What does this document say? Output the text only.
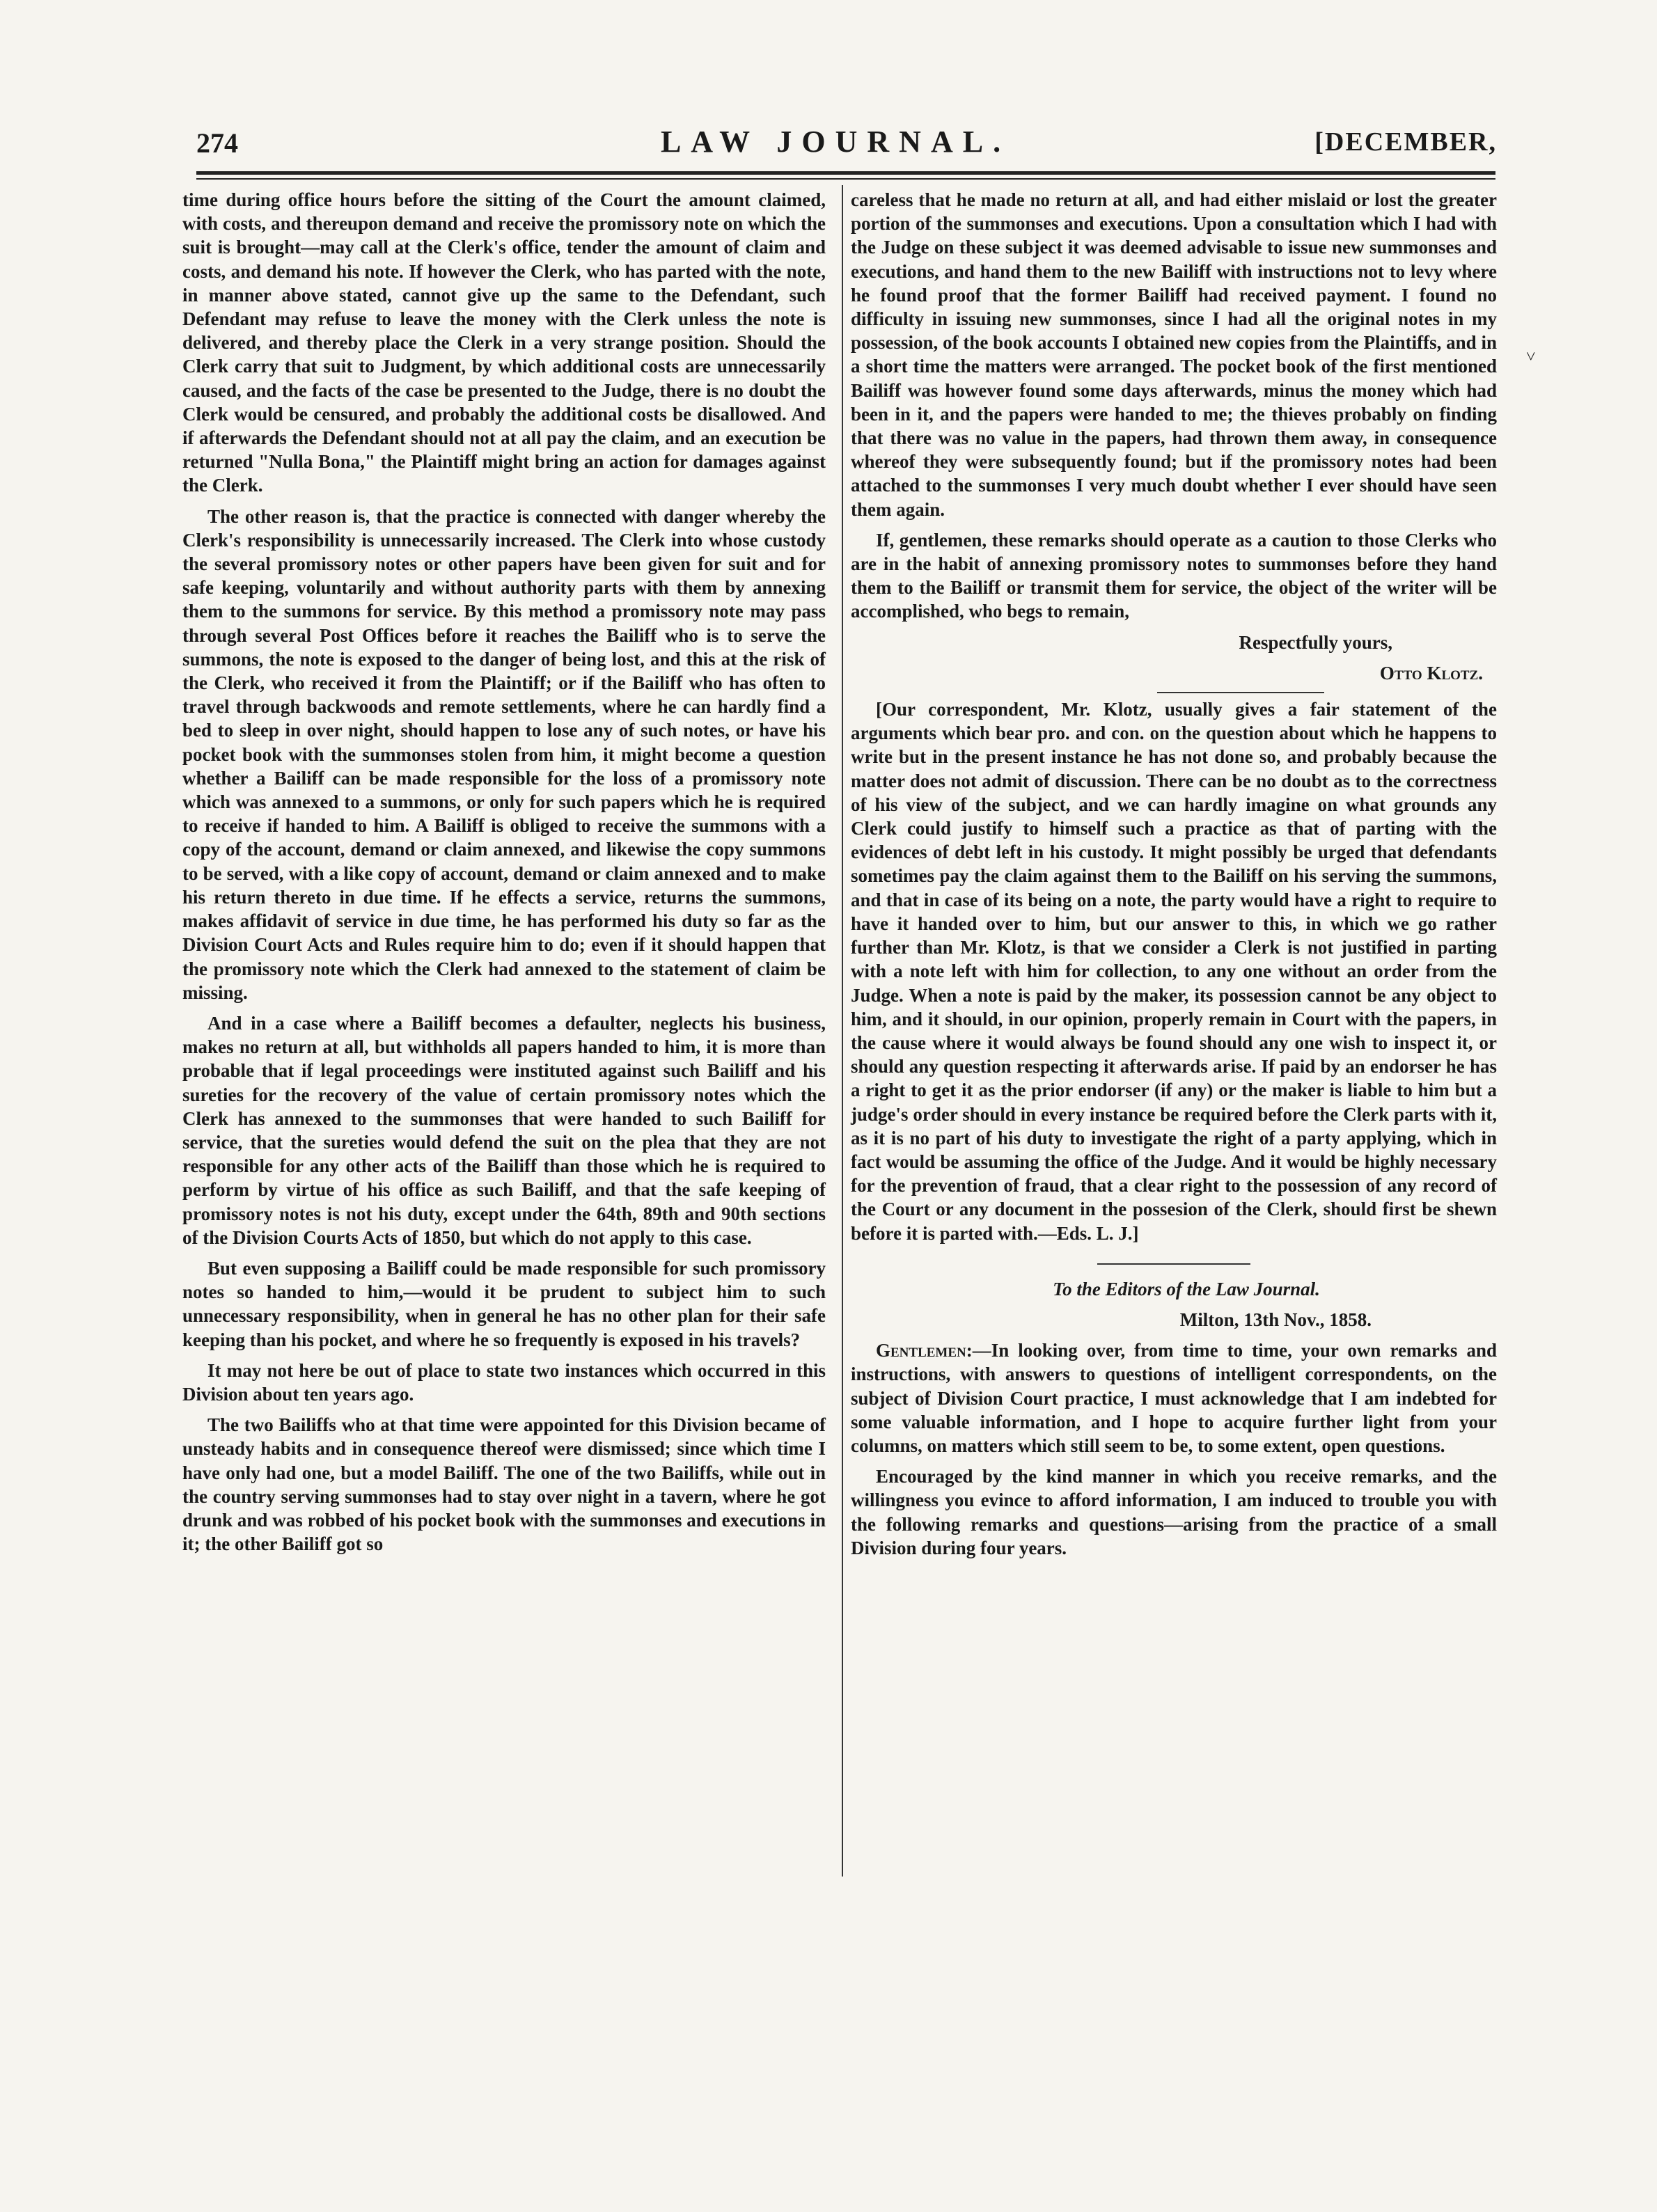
274	LAW JOURNAL.	[DECEMBER,
˅

time during office hours before the sitting of the Court the amount claimed, with costs, and thereupon demand and receive the promissory note on which the suit is brought—may call at the Clerk's office, tender the amount of claim and costs, and demand his note. If however the Clerk, who has parted with the note, in manner above stated, cannot give up the same to the Defendant, such Defendant may refuse to leave the money with the Clerk unless the note is delivered, and thereby place the Clerk in a very strange position. Should the Clerk carry that suit to Judgment, by which additional costs are unnecessarily caused, and the facts of the case be presented to the Judge, there is no doubt the Clerk would be censured, and probably the additional costs be disallowed. And if afterwards the Defendant should not at all pay the claim, and an execution be returned "Nulla Bona," the Plaintiff might bring an action for damages against the Clerk.

The other reason is, that the practice is connected with danger whereby the Clerk's responsibility is unnecessarily increased. The Clerk into whose custody the several promissory notes or other papers have been given for suit and for safe keeping, voluntarily and without authority parts with them by annexing them to the summons for service. By this method a promissory note may pass through several Post Offices before it reaches the Bailiff who is to serve the summons, the note is exposed to the danger of being lost, and this at the risk of the Clerk, who received it from the Plaintiff; or if the Bailiff who has often to travel through backwoods and remote settlements, where he can hardly find a bed to sleep in over night, should happen to lose any of such notes, or have his pocket book with the summonses stolen from him, it might become a question whether a Bailiff can be made responsible for the loss of a promissory note which was annexed to a summons, or only for such papers which he is required to receive if handed to him. A Bailiff is obliged to receive the summons with a copy of the account, demand or claim annexed, and likewise the copy summons to be served, with a like copy of account, demand or claim annexed and to make his return thereto in due time. If he effects a service, returns the summons, makes affidavit of service in due time, he has performed his duty so far as the Division Court Acts and Rules require him to do; even if it should happen that the promissory note which the Clerk had annexed to the statement of claim be missing.

And in a case where a Bailiff becomes a defaulter, neglects his business, makes no return at all, but withholds all papers handed to him, it is more than probable that if legal proceedings were instituted against such Bailiff and his sureties for the recovery of the value of certain promissory notes which the Clerk has annexed to the summonses that were handed to such Bailiff for service, that the sureties would defend the suit on the plea that they are not responsible for any other acts of the Bailiff than those which he is required to perform by virtue of his office as such Bailiff, and that the safe keeping of promissory notes is not his duty, except under the 64th, 89th and 90th sections of the Division Courts Acts of 1850, but which do not apply to this case.

But even supposing a Bailiff could be made responsible for such promissory notes so handed to him,—would it be prudent to subject him to such unnecessary responsibility, when in general he has no other plan for their safe keeping than his pocket, and where he so frequently is exposed in his travels?

It may not here be out of place to state two instances which occurred in this Division about ten years ago.

The two Bailiffs who at that time were appointed for this Division became of unsteady habits and in consequence thereof were dismissed; since which time I have only had one, but a model Bailiff. The one of the two Bailiffs, while out in the country serving summonses had to stay over night in a tavern, where he got drunk and was robbed of his pocket book with the summonses and executions in it; the other Bailiff got so

careless that he made no return at all, and had either mislaid or lost the greater portion of the summonses and executions. Upon a consultation which I had with the Judge on these subject it was deemed advisable to issue new summonses and executions, and hand them to the new Bailiff with instructions not to levy where he found proof that the former Bailiff had received payment. I found no difficulty in issuing new summonses, since I had all the original notes in my possession, of the book accounts I obtained new copies from the Plaintiffs, and in a short time the matters were arranged. The pocket book of the first mentioned Bailiff was however found some days afterwards, minus the money which had been in it, and the papers were handed to me; the thieves probably on finding that there was no value in the papers, had thrown them away, in consequence whereof they were subsequently found; but if the promissory notes had been attached to the summonses I very much doubt whether I ever should have seen them again.

If, gentlemen, these remarks should operate as a caution to those Clerks who are in the habit of annexing promissory notes to summonses before they hand them to the Bailiff or transmit them for service, the object of the writer will be accomplished, who begs to remain,

Respectfully yours,

Otto Klotz.

[Our correspondent, Mr. Klotz, usually gives a fair statement of the arguments which bear pro. and con. on the question about which he happens to write but in the present instance he has not done so, and probably because the matter does not admit of discussion. There can be no doubt as to the correctness of his view of the subject, and we can hardly imagine on what grounds any Clerk could justify to himself such a practice as that of parting with the evidences of debt left in his custody. It might possibly be urged that defendants sometimes pay the claim against them to the Bailiff on his serving the summons, and that in case of its being on a note, the party would have a right to require to have it handed over to him, but our answer to this, in which we go rather further than Mr. Klotz, is that we consider a Clerk is not justified in parting with a note left with him for collection, to any one without an order from the Judge. When a note is paid by the maker, its possession cannot be any object to him, and it should, in our opinion, properly remain in Court with the papers, in the cause where it would always be found should any one wish to inspect it, or should any question respecting it afterwards arise. If paid by an endorser he has a right to get it as the prior endorser (if any) or the maker is liable to him but a judge's order should in every instance be required before the Clerk parts with it, as it is no part of his duty to investigate the right of a party applying, which in fact would be assuming the office of the Judge. And it would be highly necessary for the prevention of fraud, that a clear right to the possession of any record of the Court or any document in the possesion of the Clerk, should first be shewn before it is parted with.—Eds. L. J.]

To the Editors of the Law Journal.

Milton, 13th Nov., 1858.

Gentlemen:—In looking over, from time to time, your own remarks and instructions, with answers to questions of intelligent correspondents, on the subject of Division Court practice, I must acknowledge that I am indebted for some valuable information, and I hope to acquire further light from your columns, on matters which still seem to be, to some extent, open questions.

Encouraged by the kind manner in which you receive remarks, and the willingness you evince to afford information, I am induced to trouble you with the following remarks and questions—arising from the practice of a small Division during four years.
